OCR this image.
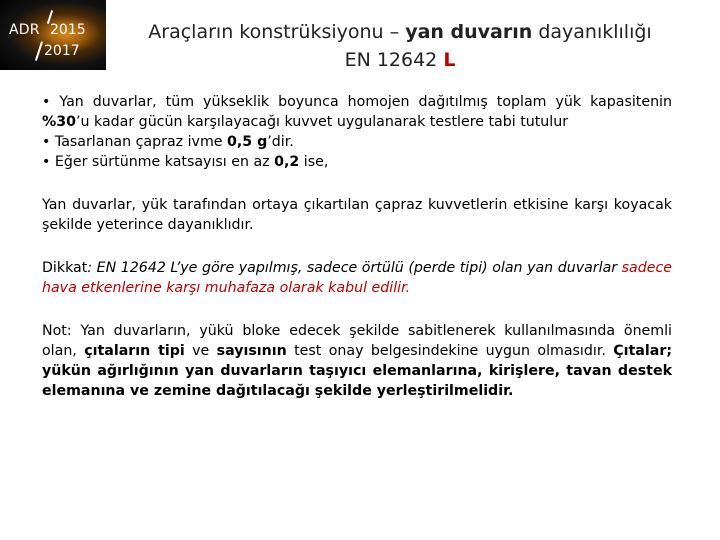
ADR 2015
2017
Araçların konstrüksiyonu – yan duvarın dayanıklılığı
EN 12642 L

• Yan duvarlar, tüm yükseklik boyunca homojen dağıtılmış toplam yük kapasitenin %30’u kadar gücün karşılayacağı kuvvet uygulanarak testlere tabi tutulur

• Tasarlanan çapraz ivme 0,5 g’dir.

• Eğer sürtünme katsayısı en az 0,2 ise,

Yan duvarlar, yük tarafından ortaya çıkartılan çapraz kuvvetlerin etkisine karşı koyacak şekilde yeterince dayanıklıdır.

Dikkat: EN 12642 L’ye göre yapılmış, sadece örtülü (perde tipi) olan yan duvarlar sadece hava etkenlerine karşı muhafaza olarak kabul edilir.

Not: Yan duvarların, yükü bloke edecek şekilde sabitlenerek kullanılmasında önemli olan, çıtaların tipi ve sayısının test onay belgesindekine uygun olmasıdır. Çıtalar; yükün ağırlığının yan duvarların taşıyıcı elemanlarına, kirişlere, tavan destek elemanına ve zemine dağıtılacağı şekilde yerleştirilmelidir.
